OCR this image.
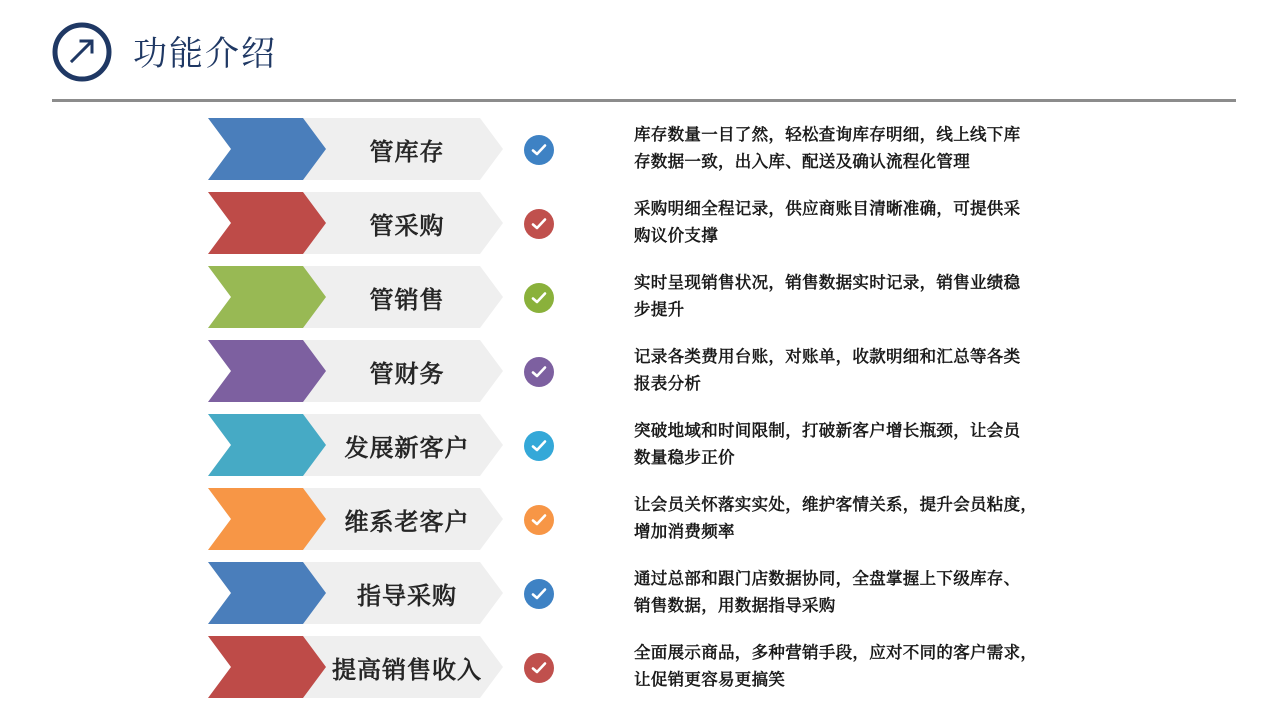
功能介绍
管库存
库存数量一目了然，轻松查询库存明细，线上线下库
存数据一致，出入库、配送及确认流程化管理
管采购
采购明细全程记录，供应商账目清晰准确，可提供采
购议价支撑
管销售
实时呈现销售状况，销售数据实时记录，销售业绩稳
步提升
管财务
记录各类费用台账，对账单，收款明细和汇总等各类
报表分析
发展新客户
突破地域和时间限制，打破新客户增长瓶颈，让会员
数量稳步正价
维系老客户
让会员关怀落实实处，维护客情关系，提升会员粘度，
增加消费频率
指导采购
通过总部和跟门店数据协同，全盘掌握上下级库存、
销售数据，用数据指导采购
提高销售收入
全面展示商品，多种营销手段，应对不同的客户需求，
让促销更容易更搞笑
